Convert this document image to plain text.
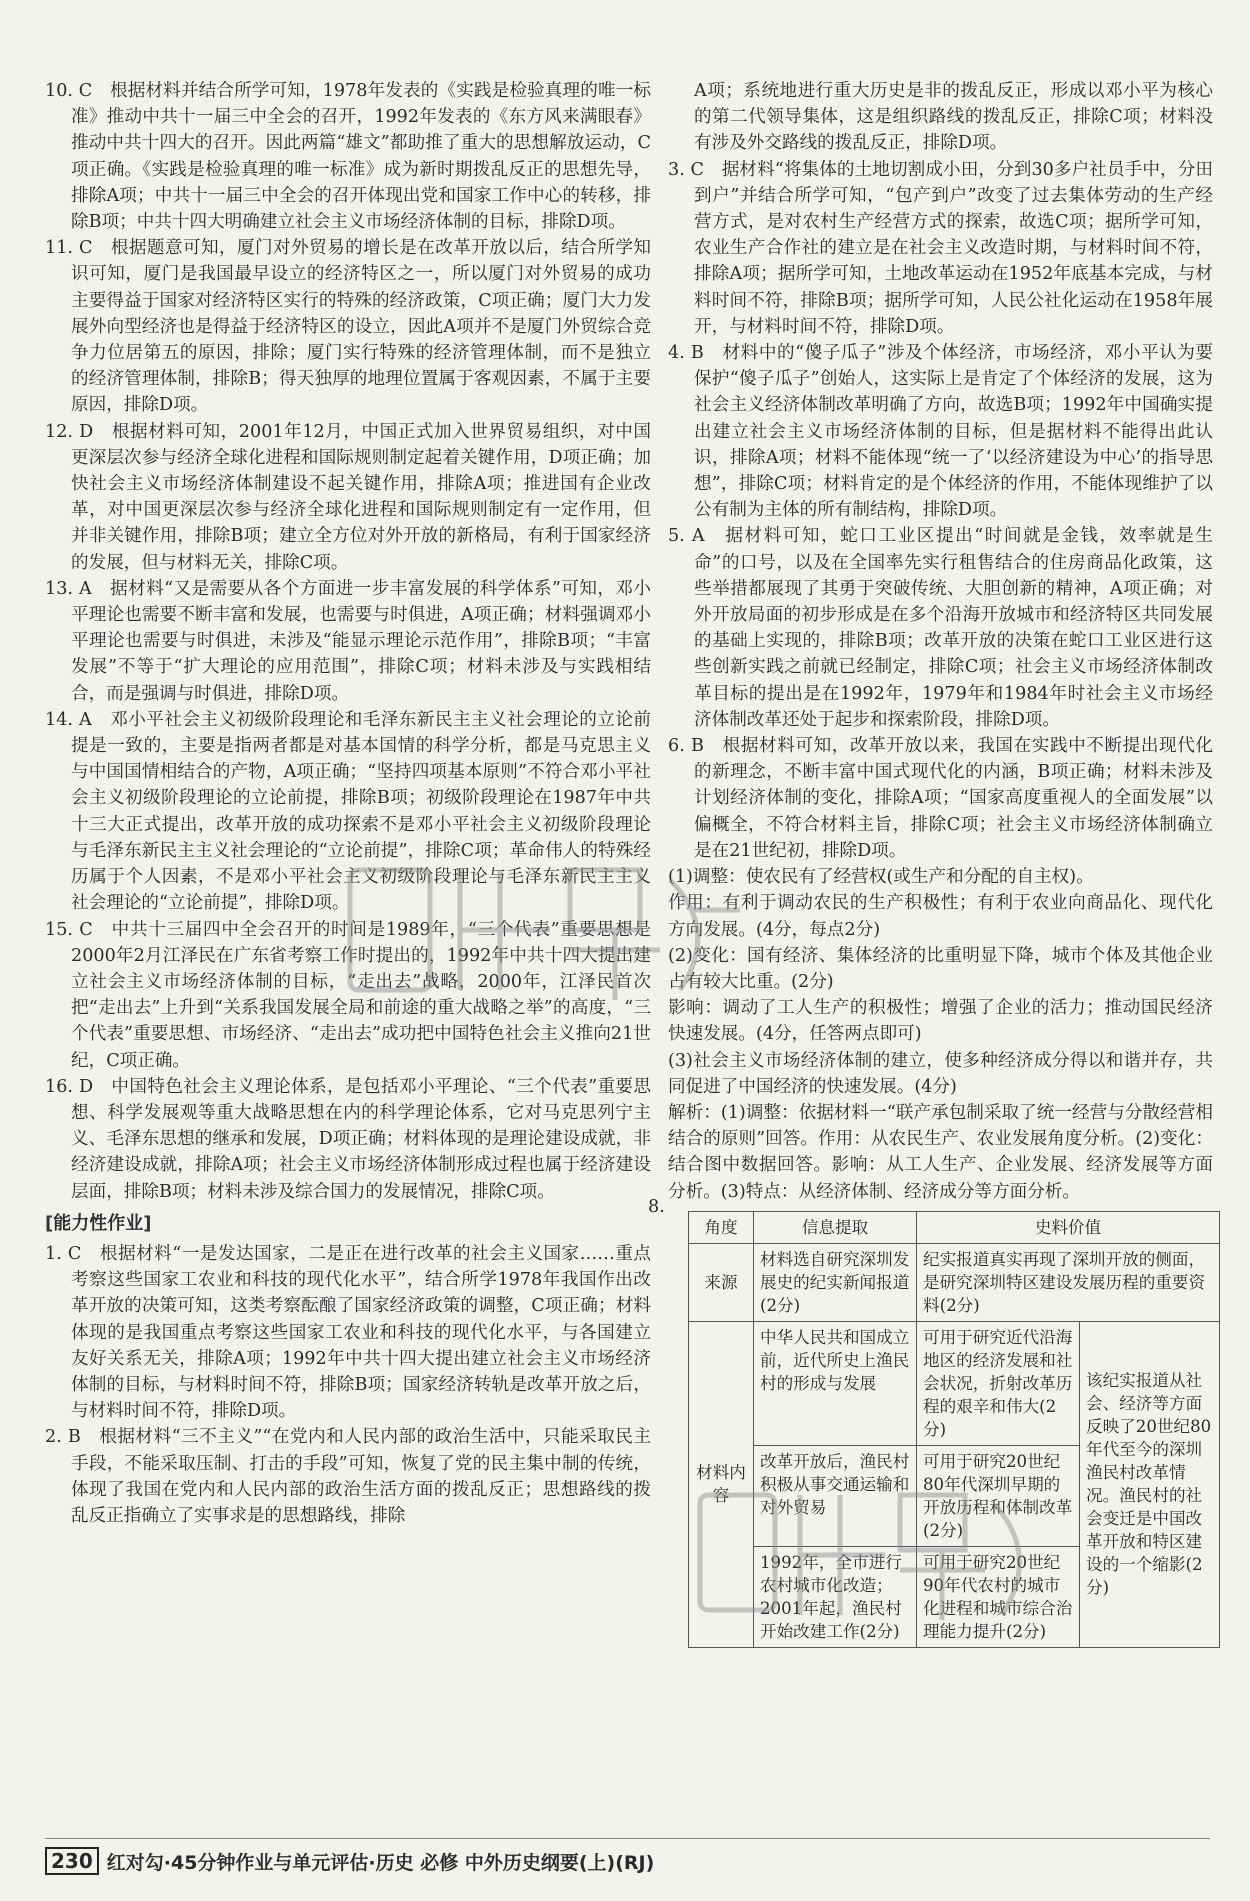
10. C　根据材料并结合所学可知，1978年发表的《实践是检验真理的唯一标准》推动中共十一届三中全会的召开，1992年发表的《东方风来满眼春》推动中共十四大的召开。因此两篇“雄文”都助推了重大的思想解放运动，C项正确。《实践是检验真理的唯一标准》成为新时期拨乱反正的思想先导，排除A项；中共十一届三中全会的召开体现出党和国家工作中心的转移，排除B项；中共十四大明确建立社会主义市场经济体制的目标，排除D项。

11. C　根据题意可知，厦门对外贸易的增长是在改革开放以后，结合所学知识可知，厦门是我国最早设立的经济特区之一，所以厦门对外贸易的成功主要得益于国家对经济特区实行的特殊的经济政策，C项正确；厦门大力发展外向型经济也是得益于经济特区的设立，因此A项并不是厦门外贸综合竞争力位居第五的原因，排除；厦门实行特殊的经济管理体制，而不是独立的经济管理体制，排除B；得天独厚的地理位置属于客观因素，不属于主要原因，排除D项。

12. D　根据材料可知，2001年12月，中国正式加入世界贸易组织，对中国更深层次参与经济全球化进程和国际规则制定起着关键作用，D项正确；加快社会主义市场经济体制建设不起关键作用，排除A项；推进国有企业改革，对中国更深层次参与经济全球化进程和国际规则制定有一定作用，但并非关键作用，排除B项；建立全方位对外开放的新格局，有利于国家经济的发展，但与材料无关，排除C项。

13. A　据材料“又是需要从各个方面进一步丰富发展的科学体系”可知，邓小平理论也需要不断丰富和发展，也需要与时俱进，A项正确；材料强调邓小平理论也需要与时俱进，未涉及“能显示理论示范作用”，排除B项；“丰富发展”不等于“扩大理论的应用范围”，排除C项；材料未涉及与实践相结合，而是强调与时俱进，排除D项。

14. A　邓小平社会主义初级阶段理论和毛泽东新民主主义社会理论的立论前提是一致的，主要是指两者都是对基本国情的科学分析，都是马克思主义与中国国情相结合的产物，A项正确；“坚持四项基本原则”不符合邓小平社会主义初级阶段理论的立论前提，排除B项；初级阶段理论在1987年中共十三大正式提出，改革开放的成功探索不是邓小平社会主义初级阶段理论与毛泽东新民主主义社会理论的“立论前提”，排除C项；革命伟人的特殊经历属于个人因素，不是邓小平社会主义初级阶段理论与毛泽东新民主主义社会理论的“立论前提”，排除D项。

15. C　中共十三届四中全会召开的时间是1989年，“三个代表”重要思想是2000年2月江泽民在广东省考察工作时提出的，1992年中共十四大提出建立社会主义市场经济体制的目标，“走出去”战略，2000年，江泽民首次把“走出去”上升到“关系我国发展全局和前途的重大战略之举”的高度，“三个代表”重要思想、市场经济、“走出去”成功把中国特色社会主义推向21世纪，C项正确。

16. D　中国特色社会主义理论体系，是包括邓小平理论、“三个代表”重要思想、科学发展观等重大战略思想在内的科学理论体系，它对马克思列宁主义、毛泽东思想的继承和发展，D项正确；材料体现的是理论建设成就，非经济建设成就，排除A项；社会主义市场经济体制形成过程也属于经济建设层面，排除B项；材料未涉及综合国力的发展情况，排除C项。

[能力性作业]

1. C　根据材料“一是发达国家，二是正在进行改革的社会主义国家……重点考察这些国家工农业和科技的现代化水平”，结合所学1978年我国作出改革开放的决策可知，这类考察酝酿了国家经济政策的调整，C项正确；材料体现的是我国重点考察这些国家工农业和科技的现代化水平，与各国建立友好关系无关，排除A项；1992年中共十四大提出建立社会主义市场经济体制的目标，与材料时间不符，排除B项；国家经济转轨是改革开放之后，与材料时间不符，排除D项。

2. B　根据材料“三不主义”“在党内和人民内部的政治生活中，只能采取民主手段，不能采取压制、打击的手段”可知，恢复了党的民主集中制的传统，体现了我国在党内和人民内部的政治生活方面的拨乱反正；思想路线的拨乱反正指确立了实事求是的思想路线，排除

A项；系统地进行重大历史是非的拨乱反正，形成以邓小平为核心的第二代领导集体，这是组织路线的拨乱反正，排除C项；材料没有涉及外交路线的拨乱反正，排除D项。

3. C　据材料“将集体的土地切割成小田，分到30多户社员手中，分田到户”并结合所学可知，“包产到户”改变了过去集体劳动的生产经营方式，是对农村生产经营方式的探索，故选C项；据所学可知，农业生产合作社的建立是在社会主义改造时期，与材料时间不符，排除A项；据所学可知，土地改革运动在1952年底基本完成，与材料时间不符，排除B项；据所学可知，人民公社化运动在1958年展开，与材料时间不符，排除D项。

4. B　材料中的“傻子瓜子”涉及个体经济，市场经济，邓小平认为要保护“傻子瓜子”创始人，这实际上是肯定了个体经济的发展，这为社会主义经济体制改革明确了方向，故选B项；1992年中国确实提出建立社会主义市场经济体制的目标，但是据材料不能得出此认识，排除A项；材料不能体现“统一了‘以经济建设为中心’的指导思想”，排除C项；材料肯定的是个体经济的作用，不能体现维护了以公有制为主体的所有制结构，排除D项。

5. A　据材料可知，蛇口工业区提出“时间就是金钱，效率就是生命”的口号，以及在全国率先实行租售结合的住房商品化政策，这些举措都展现了其勇于突破传统、大胆创新的精神，A项正确；对外开放局面的初步形成是在多个沿海开放城市和经济特区共同发展的基础上实现的，排除B项；改革开放的决策在蛇口工业区进行这些创新实践之前就已经制定，排除C项；社会主义市场经济体制改革目标的提出是在1992年，1979年和1984年时社会主义市场经济体制改革还处于起步和探索阶段，排除D项。

6. B　根据材料可知，改革开放以来，我国在实践中不断提出现代化的新理念，不断丰富中国式现代化的内涵，B项正确；材料未涉及计划经济体制的变化，排除A项；“国家高度重视人的全面发展”以偏概全，不符合材料主旨，排除C项；社会主义市场经济体制确立是在21世纪初，排除D项。

(1)调整：使农民有了经营权(或生产和分配的自主权)。

作用：有利于调动农民的生产积极性；有利于农业向商品化、现代化方向发展。(4分，每点2分)

(2)变化：国有经济、集体经济的比重明显下降，城市个体及其他企业占有较大比重。(2分)

影响：调动了工人生产的积极性；增强了企业的活力；推动国民经济快速发展。(4分，任答两点即可)

(3)社会主义市场经济体制的建立，使多种经济成分得以和谐并存，共同促进了中国经济的快速发展。(4分)

解析：(1)调整：依据材料一“联产承包制采取了统一经营与分散经营相结合的原则”回答。作用：从农民生产、农业发展角度分析。(2)变化：结合图中数据回答。影响：从工人生产、企业发展、经济发展等方面分析。(3)特点：从经济体制、经济成分等方面分析。

角度	信息提取	史料价值	
来源	材料选自研究深圳发展史的纪实新闻报道(2分)	纪实报道真实再现了深圳开放的侧面，是研究深圳特区建设发展历程的重要资料(2分)	
材料内容	中华人民共和国成立前，近代所史上渔民村的形成与发展	可用于研究近代沿海地区的经济发展和社会状况，折射改革历程的艰辛和伟大(2分)	该纪实报道从社会、经济等方面反映了20世纪80年代至今的深圳渔民村改革情况。渔民村的社会变迁是中国改革开放和特区建设的一个缩影(2分)
	改革开放后，渔民村积极从事交通运输和对外贸易	可用于研究20世纪80年代深圳早期的开放历程和体制改革(2分)	
	1992年，全市进行农村城市化改造；2001年起，渔民村开始改建工作(2分)	可用于研究20世纪90年代农村的城市化进程和城市综合治理能力提升(2分)	
8.
230 红对勾·45分钟作业与单元评估·历史 必修 中外历史纲要(上)(RJ)
